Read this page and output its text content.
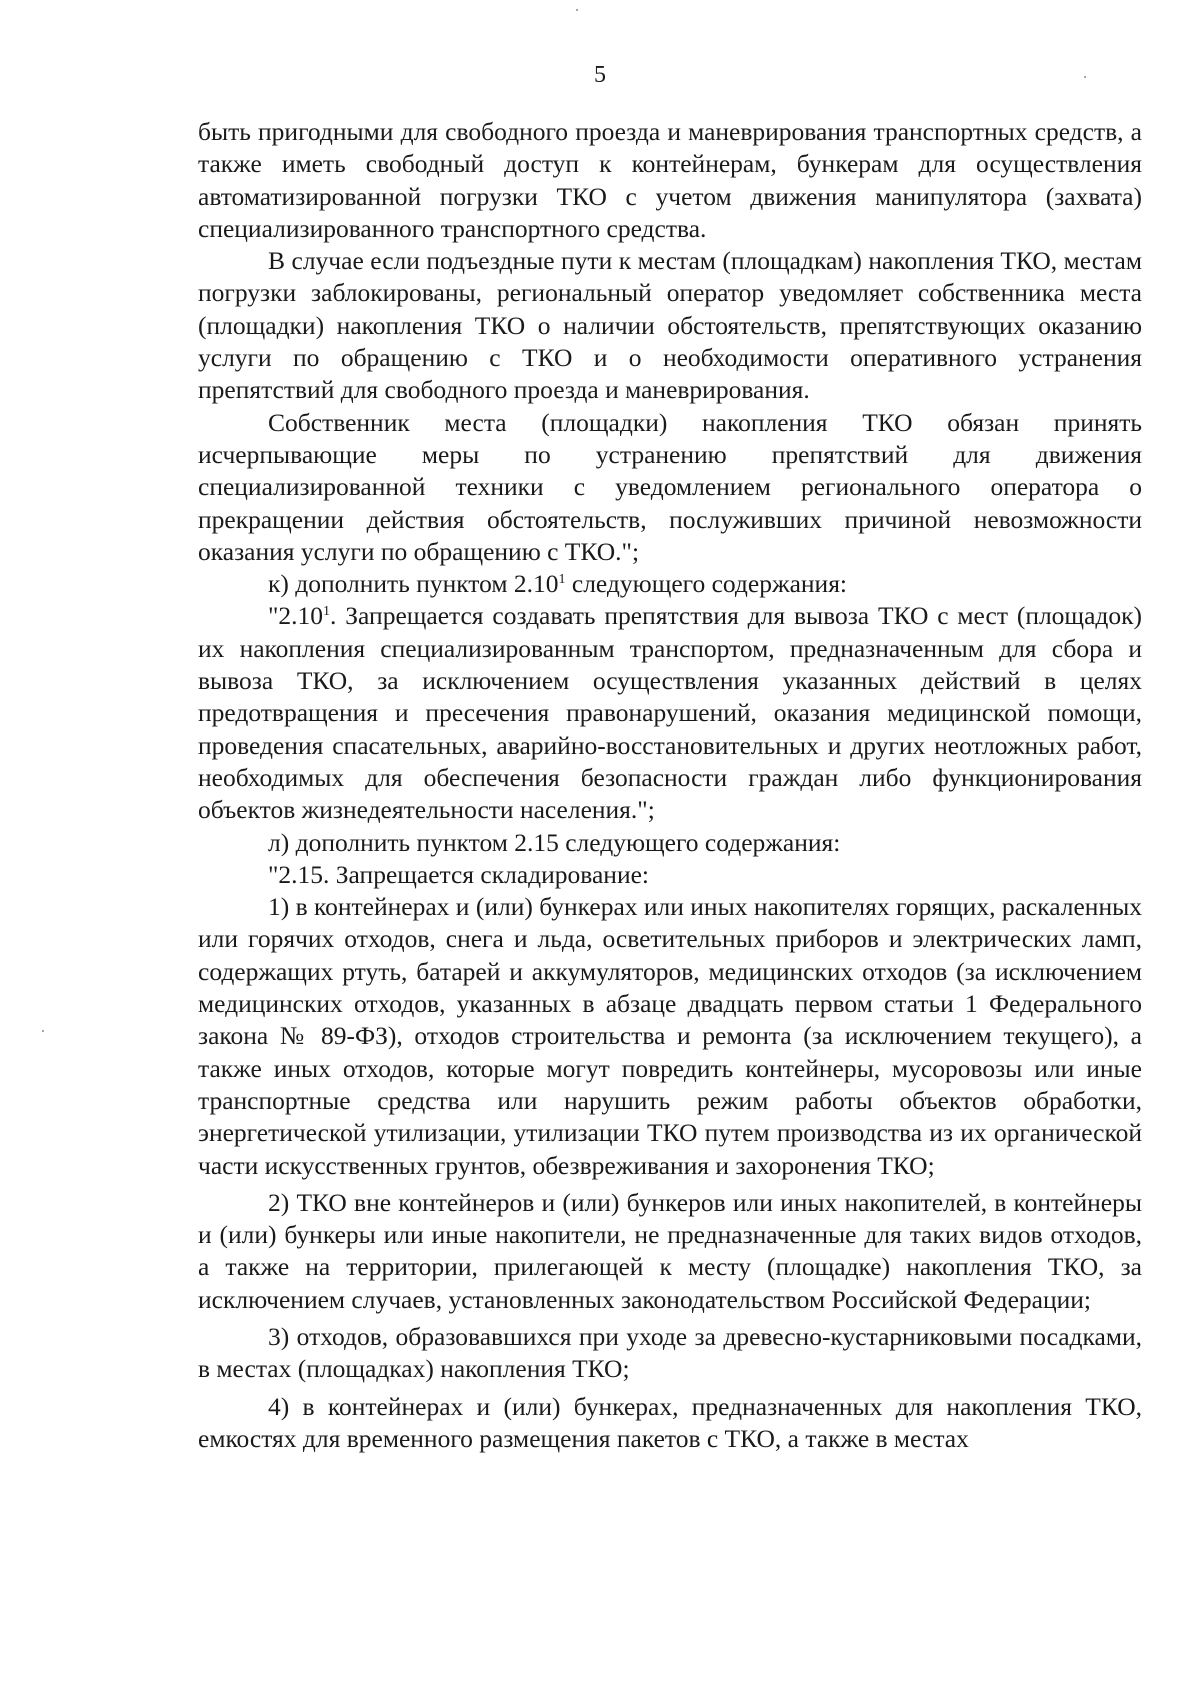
5

быть пригодными для свободного проезда и маневрирования транспортных средств, а также иметь свободный доступ к контейнерам, бункерам для осуществления автоматизированной погрузки ТКО с учетом движения манипулятора (захвата) специализированного транспортного средства.

В случае если подъездные пути к местам (площадкам) накопления ТКО, местам погрузки заблокированы, региональный оператор уведомляет собственника места (площадки) накопления ТКО о наличии обстоятельств, препятствующих оказанию услуги по обращению с ТКО и о необходимости оперативного устранения препятствий для свободного проезда и маневрирования.

Собственник места (площадки) накопления ТКО обязан принять исчерпывающие меры по устранению препятствий для движения специализированной техники с уведомлением регионального оператора о прекращении действия обстоятельств, послуживших причиной невозможности оказания услуги по обращению с ТКО.";

к) дополнить пунктом 2.10$^1$ следующего содержания:

"2.10$^1$. Запрещается создавать препятствия для вывоза ТКО с мест (площадок) их накопления специализированным транспортом, предназначенным для сбора и вывоза ТКО, за исключением осуществления указанных действий в целях предотвращения и пресечения правонарушений, оказания медицинской помощи, проведения спасательных, аварийно-восстановительных и других неотложных работ, необходимых для обеспечения безопасности граждан либо функционирования объектов жизнедеятельности населения.";

л) дополнить пунктом 2.15 следующего содержания:

"2.15. Запрещается складирование:

1) в контейнерах и (или) бункерах или иных накопителях горящих, раскаленных или горячих отходов, снега и льда, осветительных приборов и электрических ламп, содержащих ртуть, батарей и аккумуляторов, медицинских отходов (за исключением медицинских отходов, указанных в абзаце двадцать первом статьи 1 Федерального закона № 89-ФЗ), отходов строительства и ремонта (за исключением текущего), а также иных отходов, которые могут повредить контейнеры, мусоровозы или иные транспортные средства или нарушить режим работы объектов обработки, энергетической утилизации, утилизации ТКО путем производства из их органической части искусственных грунтов, обезвреживания и захоронения ТКО;

2) ТКО вне контейнеров и (или) бункеров или иных накопителей, в контейнеры и (или) бункеры или иные накопители, не предназначенные для таких видов отходов, а также на территории, прилегающей к месту (площадке) накопления ТКО, за исключением случаев, установленных законодательством Российской Федерации;

3) отходов, образовавшихся при уходе за древесно-кустарниковыми посадками, в местах (площадках) накопления ТКО;

4) в контейнерах и (или) бункерах, предназначенных для накопления ТКО, емкостях для временного размещения пакетов с ТКО, а также в местах
